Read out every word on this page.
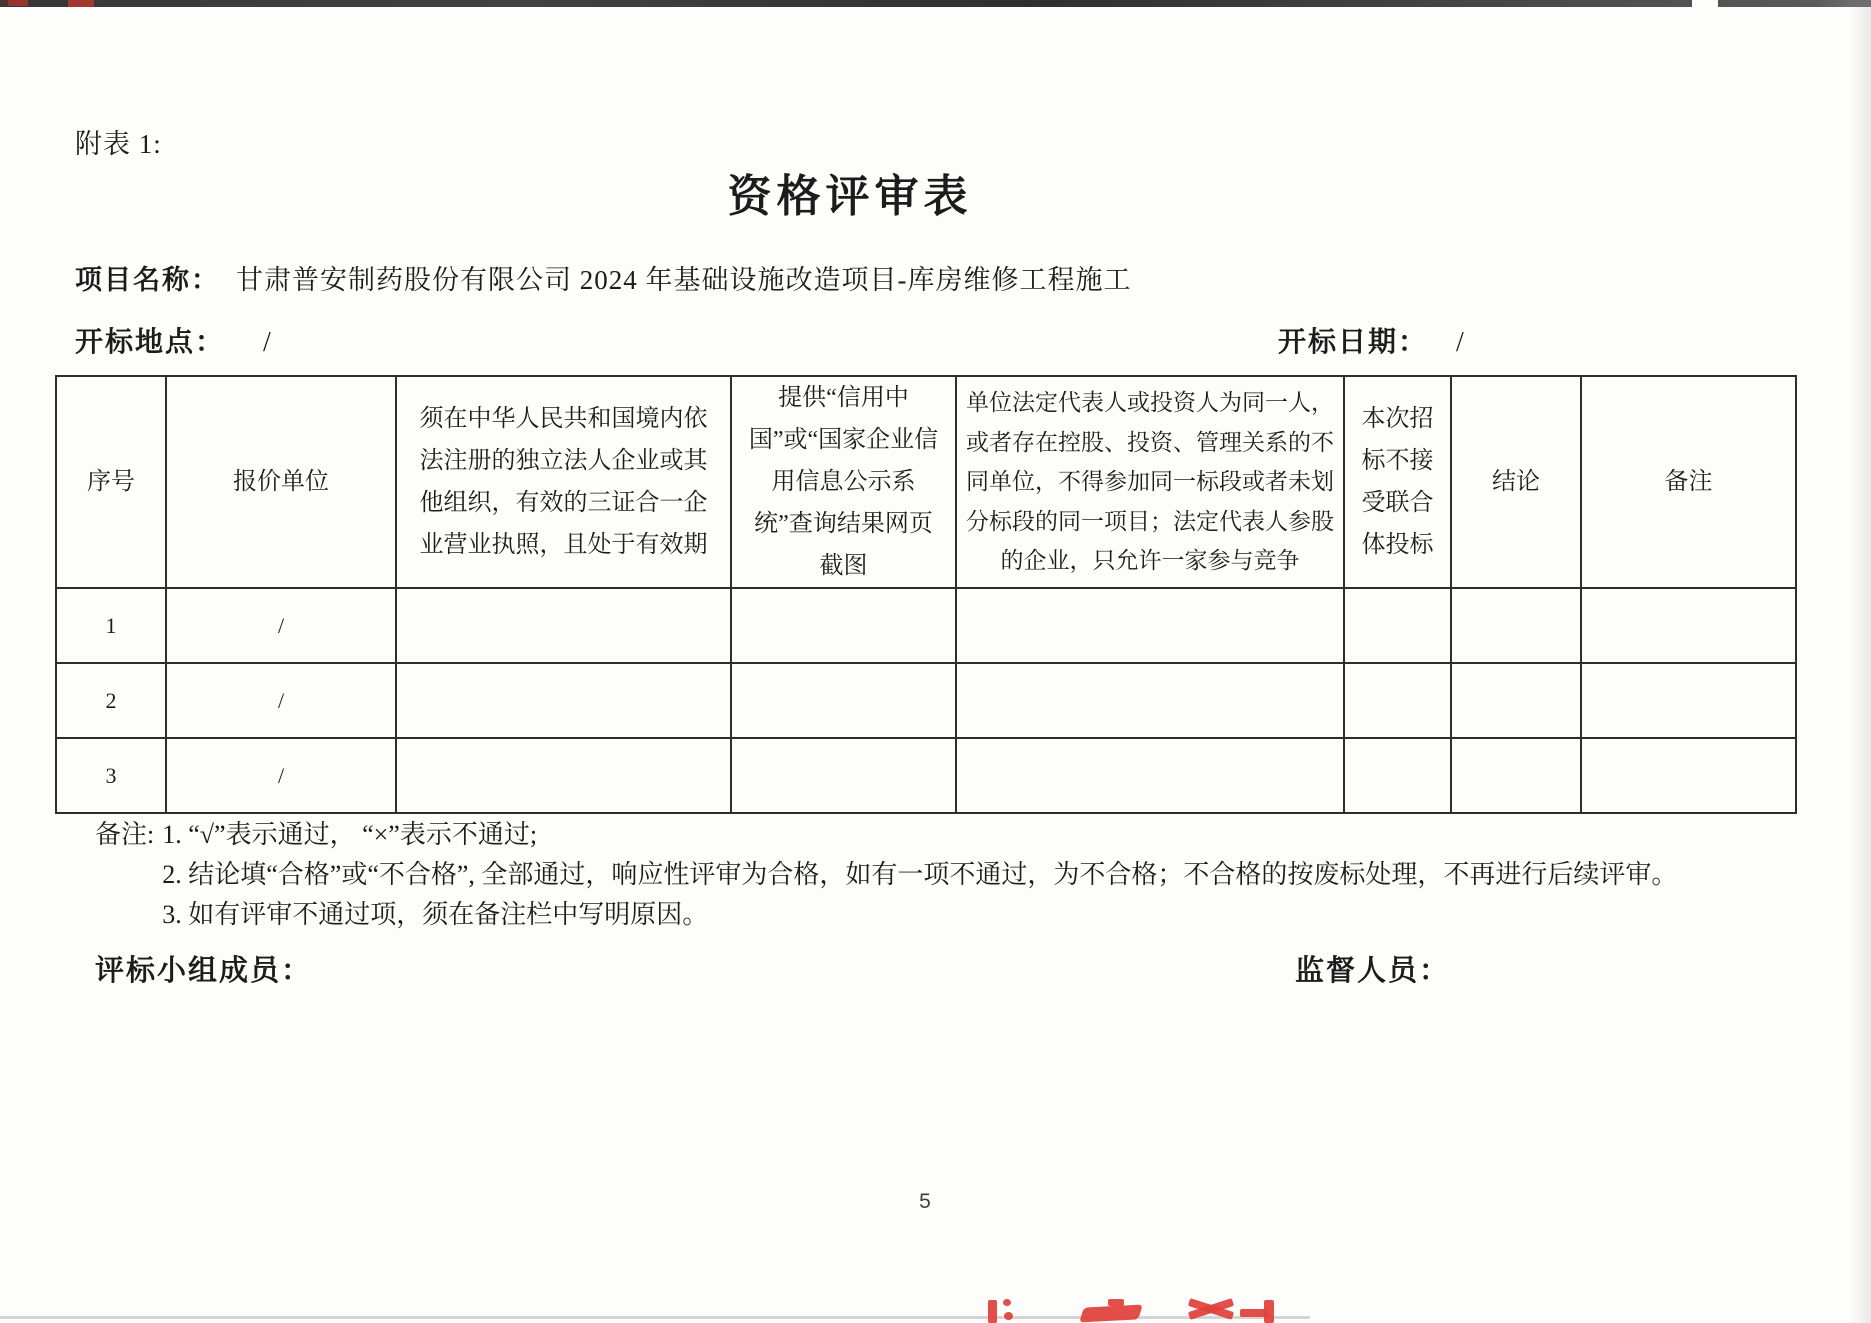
附表 1:
资格评审表
项目名称： 甘肃普安制药股份有限公司 2024 年基础设施改造项目-库房维修工程施工
开标地点： /	开标日期： /
序号	报价单位	须在中华人民共和国境内依法注册的独立法人企业或其他组织，有效的三证合一企业营业执照，且处于有效期	提供“信用中国”或“国家企业信用信息公示系统”查询结果网页截图	单位法定代表人或投资人为同一人，或者存在控股、投资、管理关系的不同单位，不得参加同一标段或者未划分标段的同一项目；法定代表人参股的企业，只允许一家参与竞争	本次招标不接受联合体投标	结论	备注
1	/						
2	/						
3	/						
备注: 1. “√”表示通过， “×”表示不通过;
2. 结论填“合格”或“不合格”, 全部通过，响应性评审为合格，如有一项不通过，为不合格；不合格的按废标处理，不再进行后续评审。
3. 如有评审不通过项，须在备注栏中写明原因。
评标小组成员：	监督人员：
5
